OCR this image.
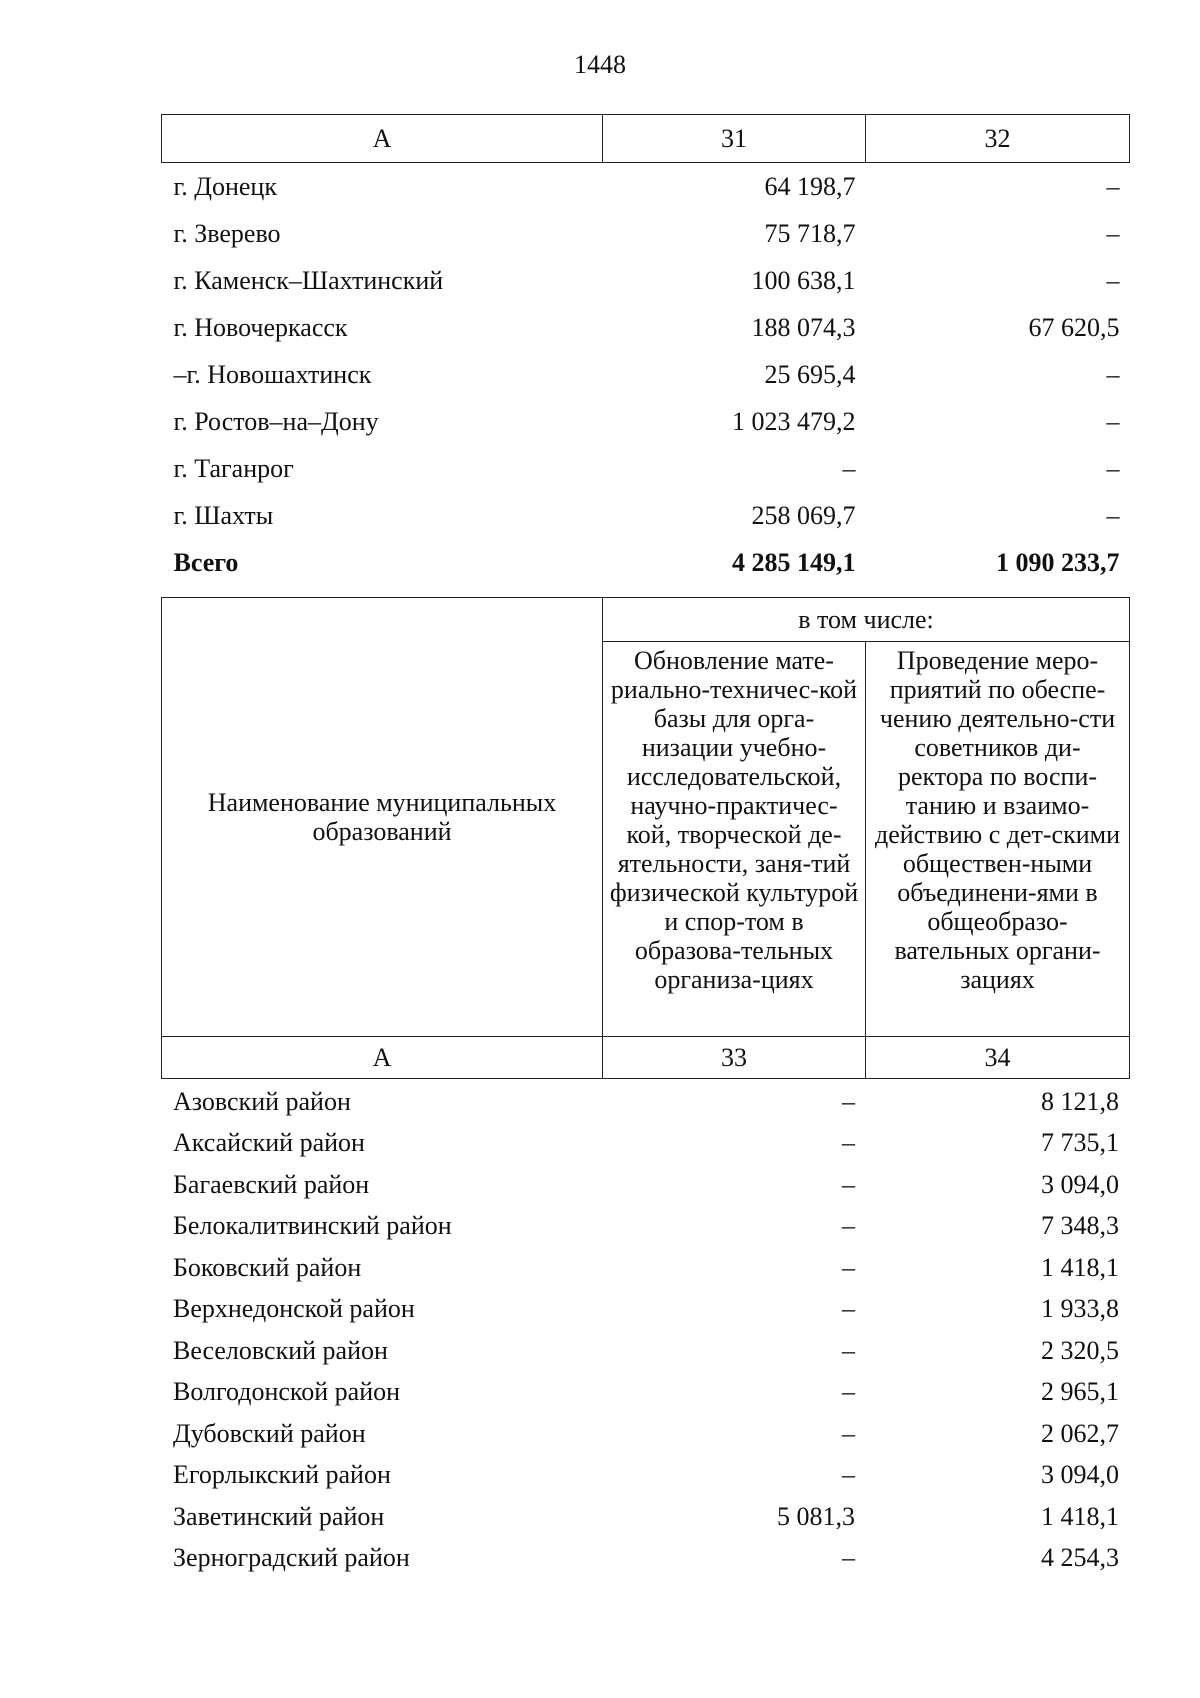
1448
А	31	32
г. Донецк	64 198,7	–
г. Зверево	75 718,7	–
г. Каменск–Шахтинский	100 638,1	–
г. Новочеркасск	188 074,3	67 620,5
–г. Новошахтинск	25 695,4	–
г. Ростов–на–Дону	1 023 479,2	–
г. Таганрог	–	–
г. Шахты	258 069,7	–
Всего	4 285 149,1	1 090 233,7
Наименование муниципальных образований	в том числе:	
	Обновление мате-риально-техничес-кой базы для орга-низации учебно-исследовательской, научно-практичес-кой, творческой де-ятельности, заня-тий физической культурой и спор-том в образова-тельных организа-циях	Проведение меро-приятий по обеспе-чению деятельно-сти советников ди-ректора по воспи-танию и взаимо-действию с дет-скими обществен-ными объединени-ями в общеобразо-вательных органи-зациях
А	33	34
Азовский район	–	8 121,8
Аксайский район	–	7 735,1
Багаевский район	–	3 094,0
Белокалитвинский район	–	7 348,3
Боковский район	–	1 418,1
Верхнедонской район	–	1 933,8
Веселовский район	–	2 320,5
Волгодонской район	–	2 965,1
Дубовский район	–	2 062,7
Егорлыкский район	–	3 094,0
Заветинский район	5 081,3	1 418,1
Зерноградский район	–	4 254,3
